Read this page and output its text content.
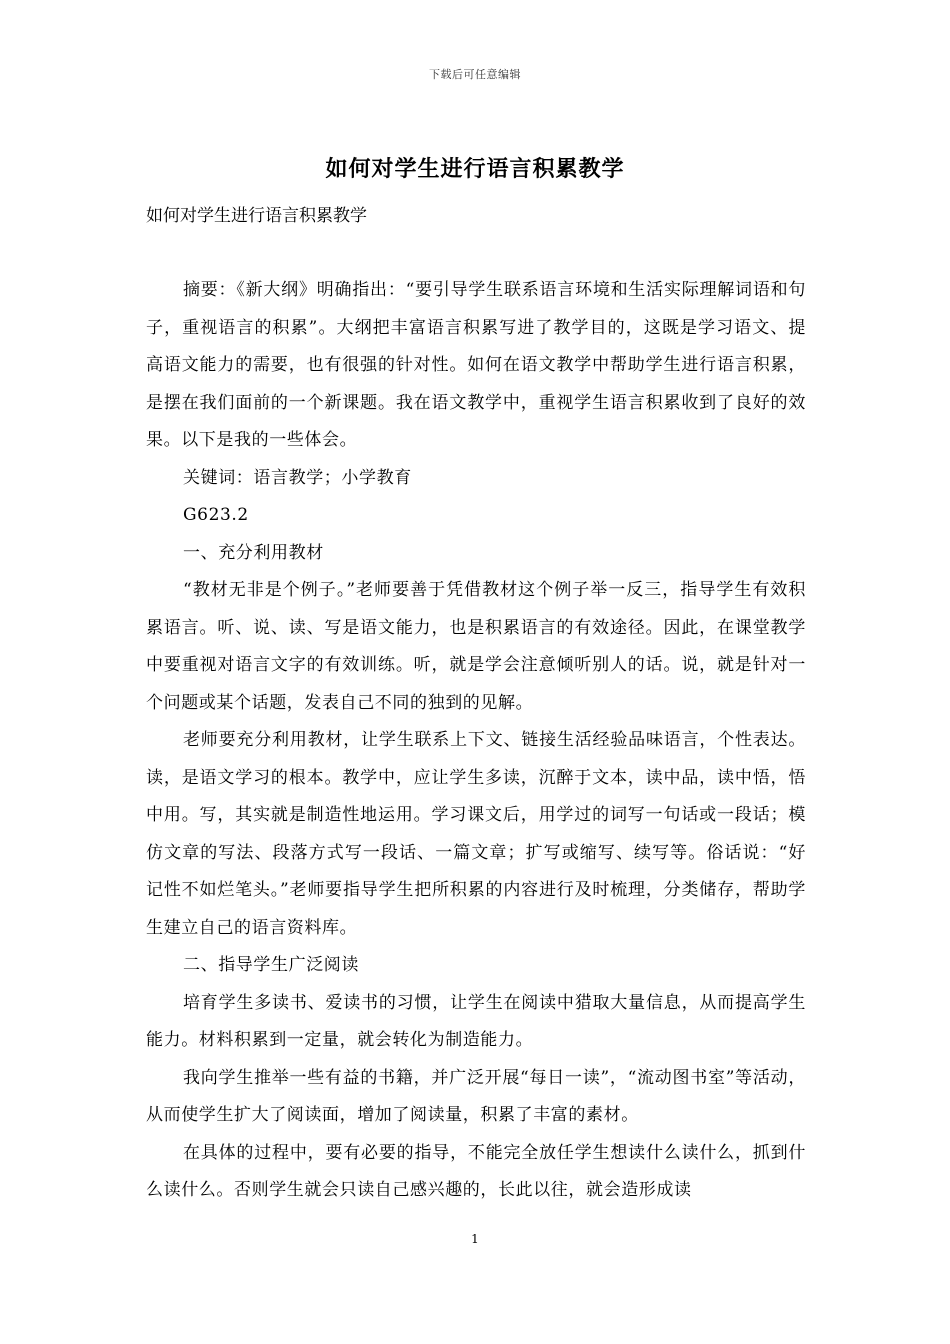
下载后可任意编辑
如何对学生进行语言积累教学
如何对学生进行语言积累教学

摘要：《新大纲》明确指出：“要引导学生联系语言环境和生活实际理解词语和句子，重视语言的积累”。大纲把丰富语言积累写进了教学目的，这既是学习语文、提高语文能力的需要，也有很强的针对性。如何在语文教学中帮助学生进行语言积累，是摆在我们面前的一个新课题。我在语文教学中，重视学生语言积累收到了良好的效果。以下是我的一些体会。

关键词：语言教学；小学教育

G623.2

一、充分利用教材

“教材无非是个例子。”老师要善于凭借教材这个例子举一反三，指导学生有效积累语言。听、说、读、写是语文能力，也是积累语言的有效途径。因此，在课堂教学中要重视对语言文字的有效训练。听，就是学会注意倾听别人的话。说，就是针对一个问题或某个话题，发表自己不同的独到的见解。

老师要充分利用教材，让学生联系上下文、链接生活经验品味语言，个性表达。读，是语文学习的根本。教学中，应让学生多读，沉醉于文本，读中品，读中悟，悟中用。写，其实就是制造性地运用。学习课文后，用学过的词写一句话或一段话；模仿文章的写法、段落方式写一段话、一篇文章；扩写或缩写、续写等。俗话说：“好记性不如烂笔头。”老师要指导学生把所积累的内容进行及时梳理，分类储存，帮助学生建立自己的语言资料库。

二、指导学生广泛阅读

培育学生多读书、爱读书的习惯，让学生在阅读中猎取大量信息，从而提高学生能力。材料积累到一定量，就会转化为制造能力。

我向学生推举一些有益的书籍，并广泛开展“每日一读”，“流动图书室”等活动，从而使学生扩大了阅读面，增加了阅读量，积累了丰富的素材。

在具体的过程中，要有必要的指导，不能完全放任学生想读什么读什么，抓到什么读什么。否则学生就会只读自己感兴趣的，长此以往，就会造形成读

1
